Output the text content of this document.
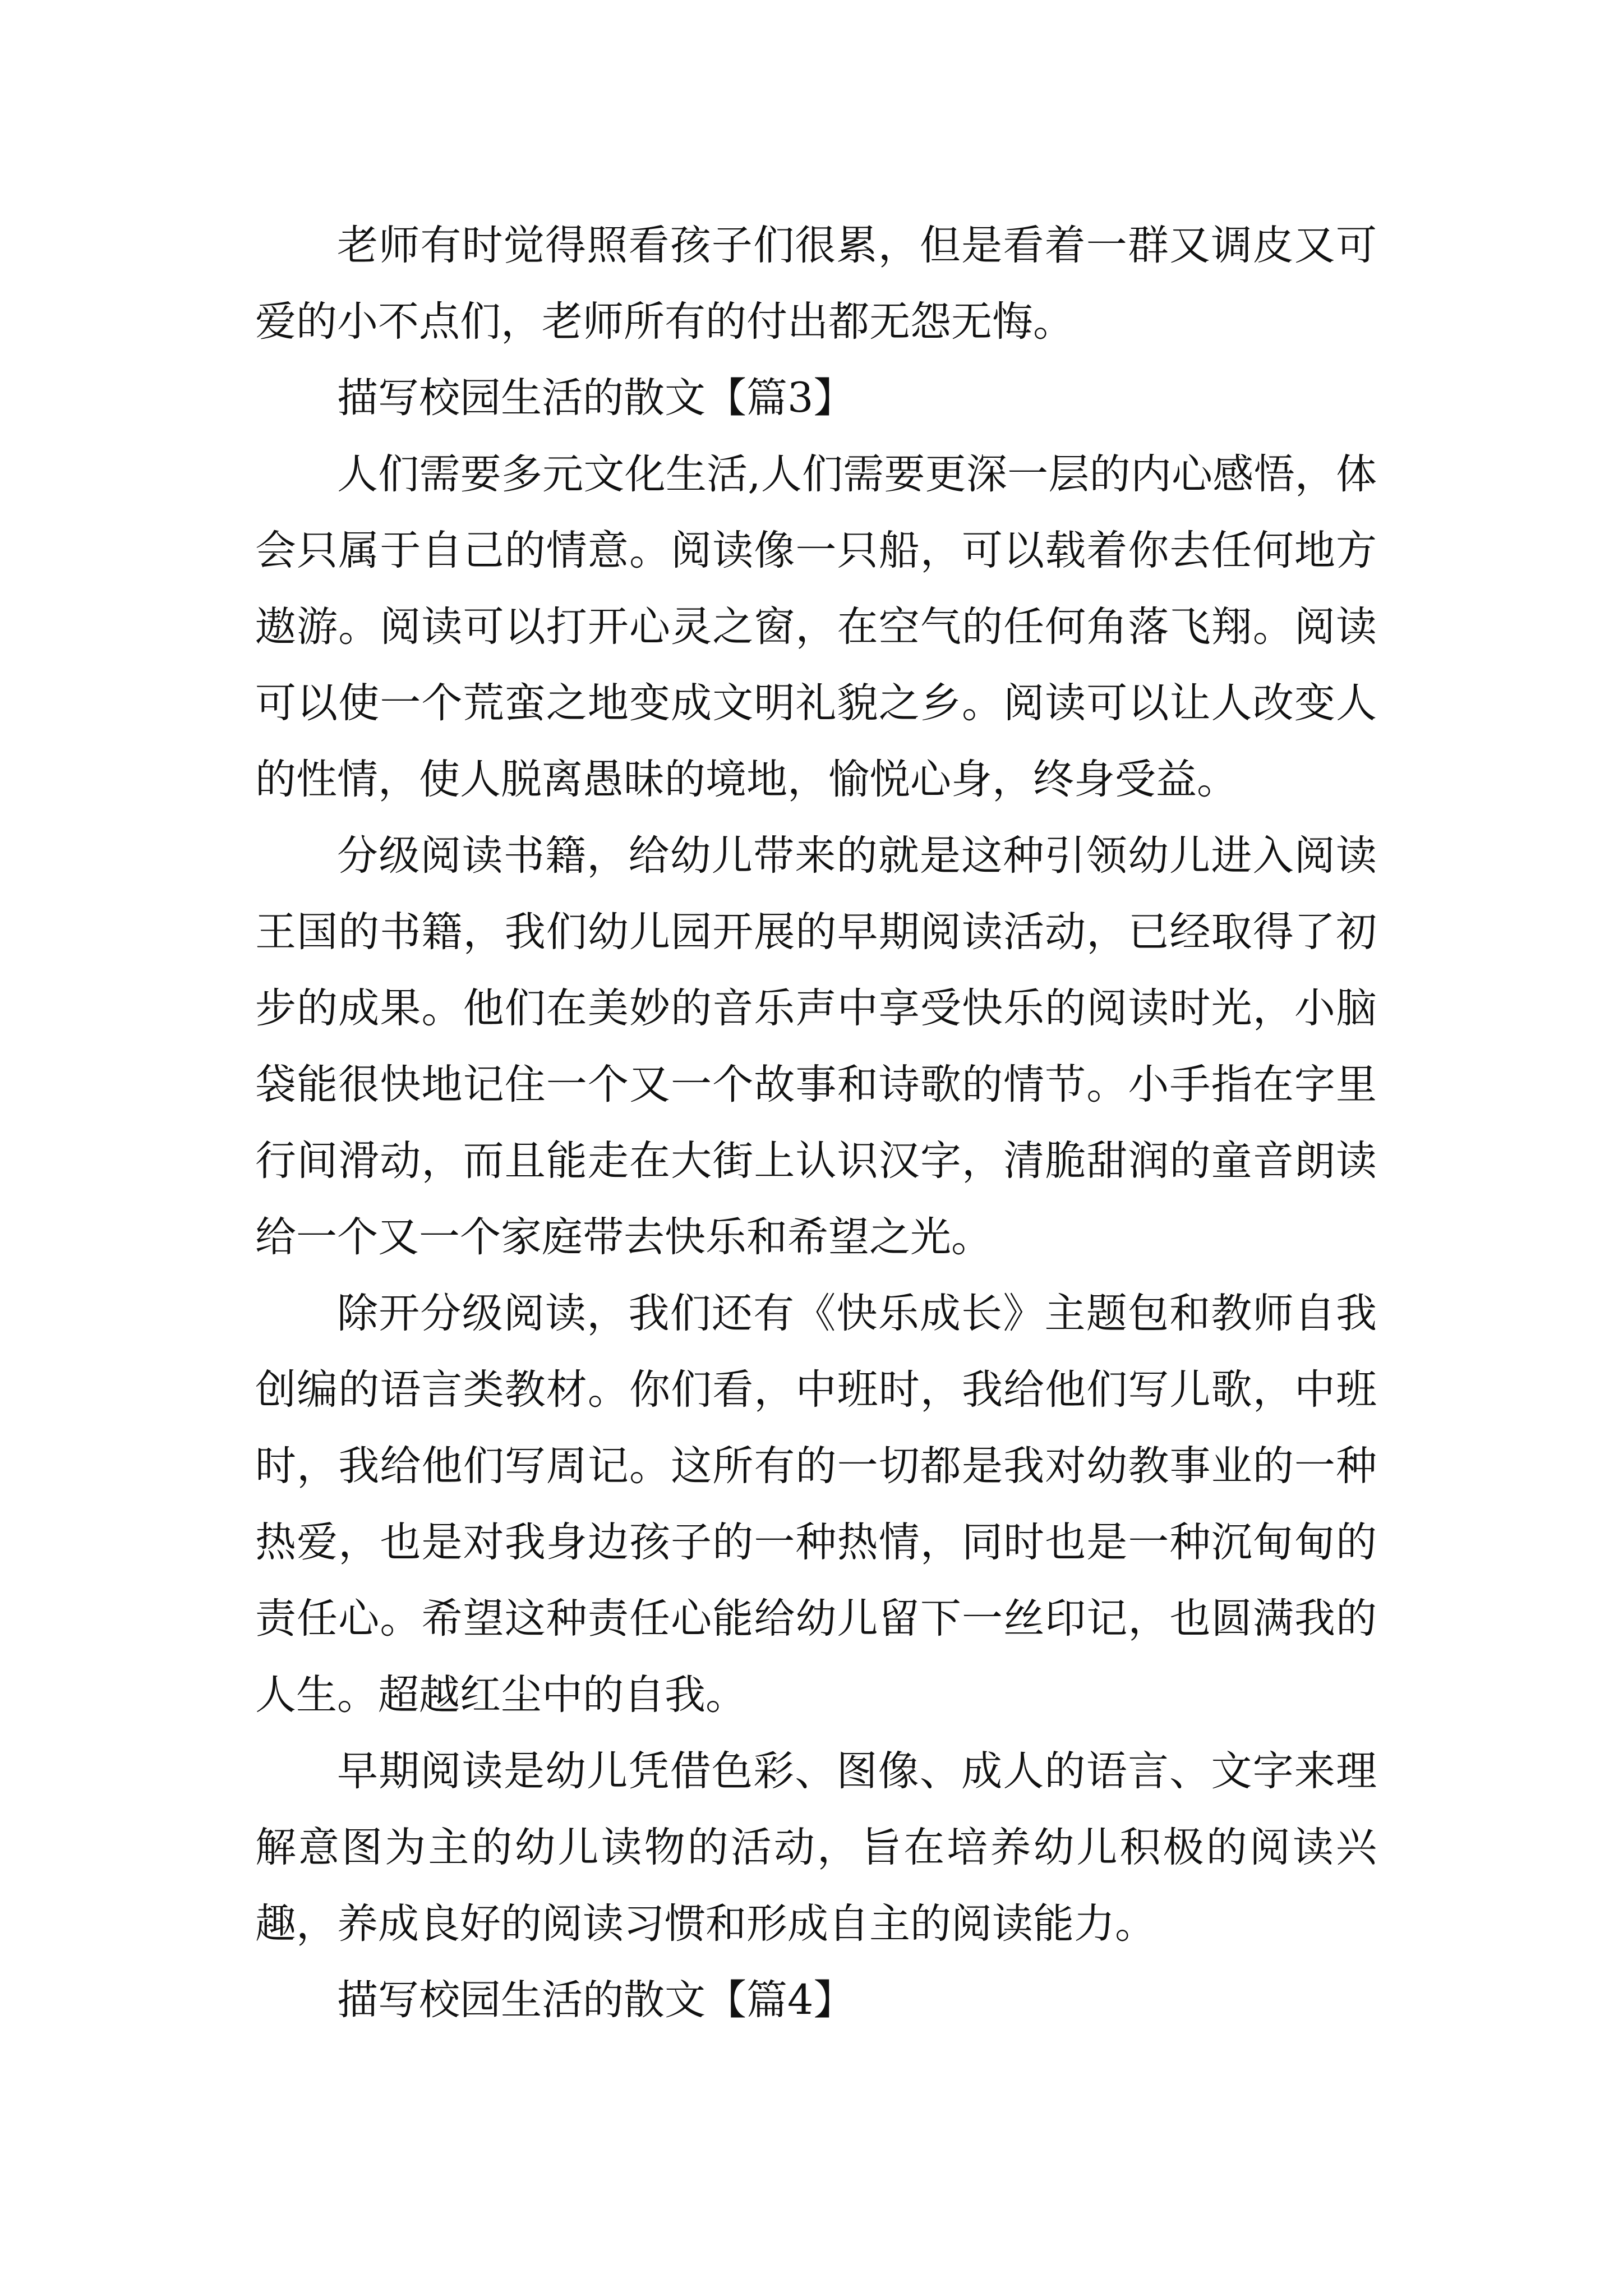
老师有时觉得照看孩子们很累，但是看着一群又调皮又可爱的小不点们，老师所有的付出都无怨无悔。

描写校园生活的散文【篇3】

人们需要多元文化生活,人们需要更深一层的内心感悟，体会只属于自己的情意。阅读像一只船，可以载着你去任何地方遨游。阅读可以打开心灵之窗，在空气的任何角落飞翔。阅读可以使一个荒蛮之地变成文明礼貌之乡。阅读可以让人改变人的性情，使人脱离愚昧的境地，愉悦心身，终身受益。

分级阅读书籍，给幼儿带来的就是这种引领幼儿进入阅读王国的书籍，我们幼儿园开展的早期阅读活动，已经取得了初步的成果。他们在美妙的音乐声中享受快乐的阅读时光，小脑袋能很快地记住一个又一个故事和诗歌的情节。小手指在字里行间滑动，而且能走在大街上认识汉字，清脆甜润的童音朗读给一个又一个家庭带去快乐和希望之光。

除开分级阅读，我们还有《快乐成长》主题包和教师自我创编的语言类教材。你们看，中班时，我给他们写儿歌，中班时，我给他们写周记。这所有的一切都是我对幼教事业的一种热爱，也是对我身边孩子的一种热情，同时也是一种沉甸甸的责任心。希望这种责任心能给幼儿留下一丝印记，也圆满我的人生。超越红尘中的自我。

早期阅读是幼儿凭借色彩、图像、成人的语言、文字来理解意图为主的幼儿读物的活动，旨在培养幼儿积极的阅读兴趣，养成良好的阅读习惯和形成自主的阅读能力。

描写校园生活的散文【篇4】
